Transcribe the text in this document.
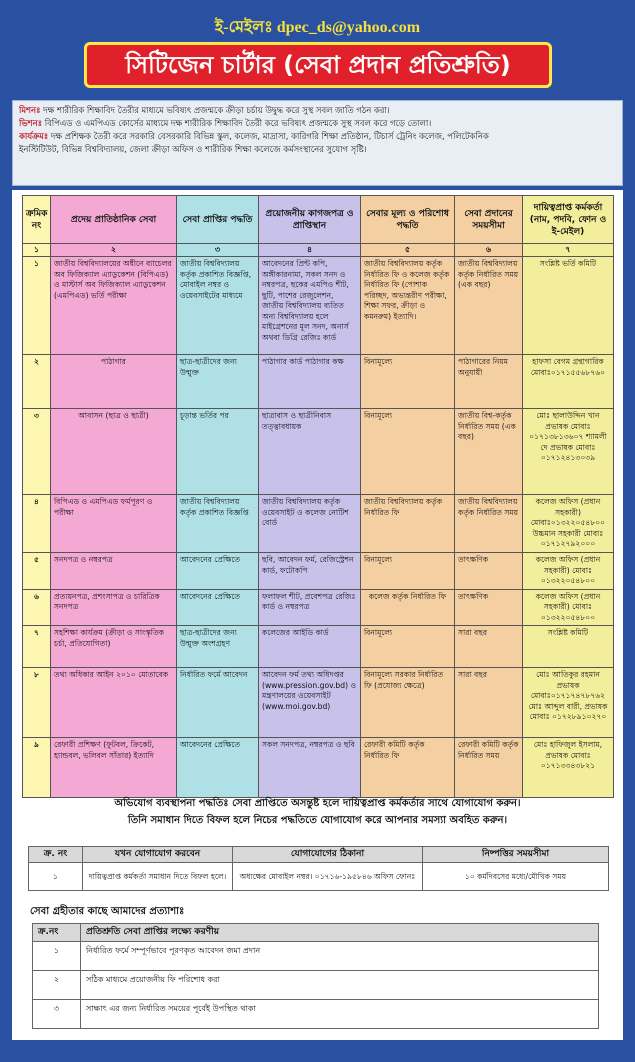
ই-মেইলঃ dpec_ds@yahoo.com
সিটিজেন চার্টার (সেবা প্রদান প্রতিশ্রুতি)

মিশনঃ দক্ষ শারীরিক শিক্ষাবিদ তৈরীর মাধ্যমে ভবিষ্যৎ প্রজন্মকে ক্রীড়া চর্চায় উদ্বুদ্ধ করে সুস্থ সবল জাতি গঠন করা।

ভিশনঃ বিপিএড ও এমপিএড কোর্সের মাধ্যমে দক্ষ শারীরিক শিক্ষাবিদ তৈরী করে ভবিষ্যৎ প্রজন্মকে সুস্থ সবল করে গড়ে তোলা।

কার্যক্রমঃ দক্ষ প্রশিক্ষক তৈরী করে সরকারি বেসরকারি বিভিন্ন স্কুল, কলেজ, মাদ্রাসা, কারিগরি শিক্ষা প্রতিষ্ঠান, টিচার্স ট্রেনিং কলেজ, পলিটেকনিক

ইনস্টিটিউট, বিভিন্ন বিশ্ববিদ্যালয়, জেলা ক্রীড়া অফিস ও শারীরিক শিক্ষা কলেজে কর্মসংস্থানের সুযোগ সৃষ্টি।

ক্রমিক নং	প্রদেয় প্রাতিষ্ঠানিক সেবা	সেবা প্রাপ্তির পদ্ধতি	প্রয়োজনীয় কাগজপত্র ও প্রাপ্তিস্থান	সেবার মূল্য ও পরিশোধ পদ্ধতি	সেবা প্রদানের সময়সীমা	দায়িত্বপ্রাপ্ত কর্মকর্তা (নাম, পদবি, ফোন ও ই-মেইল)
১	২	৩	৪	৫	৬	৭
১	জাতীয় বিশ্ববিদ্যালয়ের অধীনে ব্যাচেলর অব ফিজিক্যাল এ্যাডুকেশন (বিপিএড) ও মাস্টার্স অব ফিজিক্যাল এ্যাডুকেশন (এমপিএড) ভর্তি পরীক্ষা	জাতীয় বিশ্ববিদ্যালয় কর্তৃক প্রকাশিত বিজ্ঞপ্তি, মোবাইল নম্বর ও ওয়েবসাইটের মাধ্যমে	আবেদনের প্রিন্ট কপি, অঙ্গীকারনামা, সকল সনদ ও নম্বরপত্র, ছকের এমপিও শীট, ছুটি, পাশের রেজুলেশন, জাতীয় বিশ্ববিদ্যালয় ব্যতিত অন্য বিশ্ববিদ্যালয় হলে মাইগ্রেশনের মূল সনদ, অনার্স অথবা ডিগ্রি রেজিঃ কার্ড	জাতীয় বিশ্ববিদ্যালয় কর্তৃক নির্ধারিত ফি ও কলেজ কর্তৃক নির্ধারিত ফি (পোশাক পরিচ্ছদ, অভ্যন্তরীণ পরীক্ষা, শিক্ষা সফর, ক্রীড়া ও কমনরুম) ইত্যাদি।	জাতীয় বিশ্ববিদ্যালয় কর্তৃক নির্ধারিত সময় (এক বছর)	সংশ্লিষ্ট ভর্তি কমিটি
২	পাঠাগার	ছাত্র-ছাত্রীদের জন্য উন্মুক্ত	পাঠাগার কার্ড পাঠাগার কক্ষ	বিনামূল্যে	পাঠাগারের নিয়ম অনুযায়ী	হাফসা বেগম গ্রন্থাগারিক মোবাঃ০১৭১৫৫৬৮৭৬০
৩	আবাসন (ছাত্র ও ছাত্রী)	চূড়ান্ত ভর্তির পর	ছাত্রাবাস ও ছাত্রীনিবাস তত্ত্বাবধায়ক	বিনামূল্যে	জাতীয় বিশ্ব-কর্তৃক নির্ধারিত সময় (এক বছর)	মোঃ ছালাউদ্দিন খান প্রভাষক মোবাঃ ০১৭১৩৮১৩৬০৭ শ্যামলী দে প্রভাষক মোবাঃ ০১৭১২৪১৩০৩৯
৪	বিপিএড ও এমপিএড ফর্মপূরণ ও পরীক্ষা	জাতীয় বিশ্ববিদ্যালয় কর্তৃক প্রকাশিত বিজ্ঞপ্তি	জাতীয় বিশ্ববিদ্যালয় কর্তৃক ওয়েবসাইট ও কলেজ নোটিশ বোর্ড	জাতীয় বিশ্ববিদ্যালয় কর্তৃক নির্ধারিত ফি	জাতীয় বিশ্ববিদ্যালয় কর্তৃক নির্ধারিত সময়	কলেজ অফিস (প্রধান সহকারী) মোবাঃ০১৩২২০৫৪৮০০ উচ্চমান সহকারী মোবাঃ ০১৭১২৭৯২০০০
৫	সনদপত্র ও নম্বরপত্র	আবেদনের প্রেক্ষিতে	ছবি, আবেদন ফর্ম, রেজিস্ট্রেশন কার্ড, ফটোকপি	বিনামূল্যে	তাৎক্ষণিক	কলেজ অফিস (প্রধান সহকারী) মোবাঃ ০১৩২২০৫৪৮০০
৬	প্রত্যয়নপত্র, প্রশংসাপত্র ও চারিত্রিক সনদপত্র	আবেদনের প্রেক্ষিতে	ফলাফল শীট, প্রবেশপত্র রেজিঃ কার্ড ও নম্বরপত্র	কলেজ কর্তৃক নির্ধারিত ফি	তাৎক্ষণিক	কলেজ অফিস (প্রধান সহকারী) মোবাঃ ০১৩২২০৫৪৮০০
৭	সহশিক্ষা কার্যক্রম (ক্রীড়া ও সাংস্কৃতিক চর্চা, প্রতিযোগিতা)	ছাত্র-ছাত্রীদের জন্য উন্মুক্ত অংশগ্রহণ	কলেজের আইডি কার্ড	বিনামূল্যে	সারা বছর	সংশ্লিষ্ট কমিটি
৮	তথ্য অধিকার আইন ২০১০ মোতাবেক	নির্ধারিত ফর্মে আবেদন	আবেদন ফর্ম তথ্য অধিদপ্তর (www.pression.gov.bd) ও মন্ত্রণালয়ের ওয়েবসাইট (www.moi.gov.bd)	বিনামূল্যে সরকার নির্ধারিত ফি (প্রযোজ্য ক্ষেত্রে)	সারা বছর	মোঃ আতিকুর রহমান প্রভাষক মোবাঃ০১৭১৭৪৭৮৭৬২ মোঃ আব্দুল বারী, প্রভাষক মোবাঃ ০১৭২৮৯১০২৭০
৯	রেফারী প্রশিক্ষণ (ফুটবল, ক্রিকেট, হ্যান্ডবল, ভলিবল সাঁতার) ইত্যাদি	আবেদনের প্রেক্ষিতে	সকল সনদপত্র, নম্বরপত্র ও ছবি	রেফারী কমিটি কর্তৃক নির্ধারিত ফি	রেফারী কমিটি কর্তৃক নির্ধারিত সময়	মোঃ হাফিজুল ইসলাম, প্রভাষক মোবাঃ ০১৭১৩৩৪৩৮২১
অভিযোগ ব্যবস্থাপনা পদ্ধতিঃ সেবা প্রাপ্তিতে অসন্তুষ্ট হলে দায়িত্বপ্রাপ্ত কর্মকর্তার সাথে যোগাযোগ করুন।
তিনি সমাধান দিতে বিফল হলে নিচের পদ্ধতিতে যোগাযোগ করে আপনার সমস্যা অবহিত করুন।
ক্র. নং	যখন যোগাযোগ করবেন	যোগাযোগের ঠিকানা	নিষ্পত্তির সময়সীমা
১	দায়িত্বপ্রাপ্ত কর্মকর্তা সমাধান দিতে বিফল হলে।	অধ্যক্ষের মোবাইল নম্বর। ০১৭১৬-১৯৫৮৪৬ অফিস ফোনঃ	১০ কর্মদিবসের মধ্যে/মৌখিক সময়
সেবা গ্রহীতার কাছে আমাদের প্রত্যাশাঃ
ক্র.নং	প্রতিশ্রুতি সেবা প্রাপ্তির লক্ষ্যে করণীয়
১	নির্ধারিত ফর্মে সম্পূর্ণভাবে পূরণকৃত আবেদন জমা প্রদান
২	সঠিক মাধ্যমে প্রয়োজনীয় ফি পরিশোধ করা
৩	সাক্ষাৎ এর জন্য নির্ধারিত সময়ের পূর্বেই উপস্থিত থাকা
